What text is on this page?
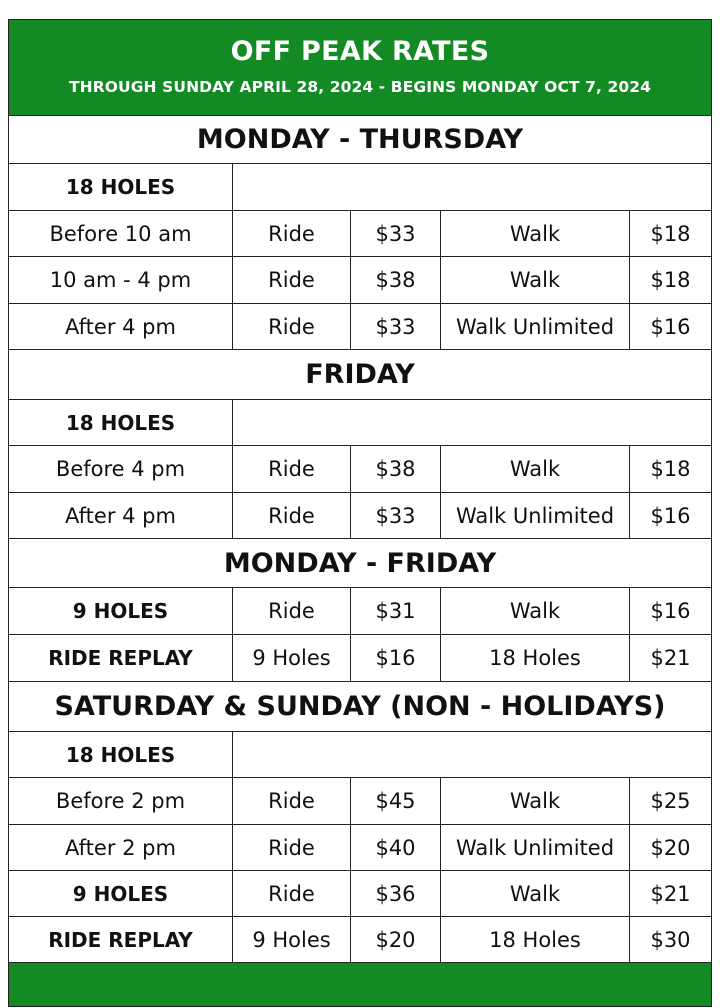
OFF PEAK RATES
THROUGH SUNDAY APRIL 28, 2024 - BEGINS MONDAY OCT 7, 2024
MONDAY - THURSDAY
18 HOLES
Before 10 am	Ride	$33	Walk	$18
10 am - 4 pm	Ride	$38	Walk	$18
After 4 pm	Ride	$33	Walk Unlimited	$16
FRIDAY
18 HOLES
Before 4 pm	Ride	$38	Walk	$18
After 4 pm	Ride	$33	Walk Unlimited	$16
MONDAY - FRIDAY
9 HOLES	Ride	$31	Walk	$16
RIDE REPLAY	9 Holes	$16	18 Holes	$21
SATURDAY & SUNDAY (NON - HOLIDAYS)
18 HOLES
Before 2 pm	Ride	$45	Walk	$25
After 2 pm	Ride	$40	Walk Unlimited	$20
9 HOLES	Ride	$36	Walk	$21
RIDE REPLAY	9 Holes	$20	18 Holes	$30
